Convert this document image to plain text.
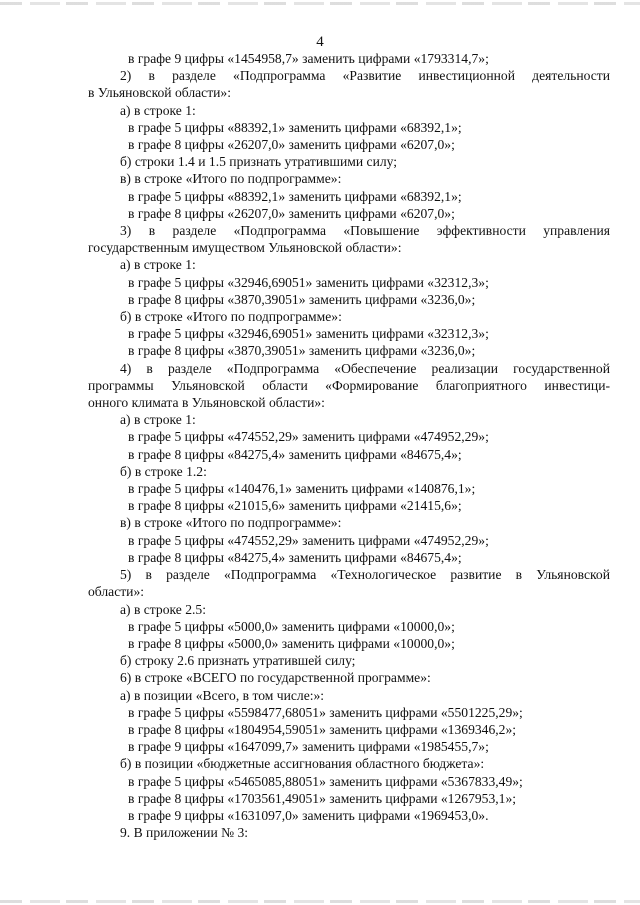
4
в графе 9 цифры «1454958,7» заменить цифрами «1793314,7»;
2) в разделе «Подпрограмма «Развитие инвестиционной деятельности
в Ульяновской области»:
а) в строке 1:
в графе 5 цифры «88392,1» заменить цифрами «68392,1»;
в графе 8 цифры «26207,0» заменить цифрами «6207,0»;
б) строки 1.4 и 1.5 признать утратившими силу;
в) в строке «Итого по подпрограмме»:
в графе 5 цифры «88392,1» заменить цифрами «68392,1»;
в графе 8 цифры «26207,0» заменить цифрами «6207,0»;
3) в разделе «Подпрограмма «Повышение эффективности управления
государственным имуществом Ульяновской области»:
а) в строке 1:
в графе 5 цифры «32946,69051» заменить цифрами «32312,3»;
в графе 8 цифры «3870,39051» заменить цифрами «3236,0»;
б) в строке «Итого по подпрограмме»:
в графе 5 цифры «32946,69051» заменить цифрами «32312,3»;
в графе 8 цифры «3870,39051» заменить цифрами «3236,0»;
4) в разделе «Подпрограмма «Обеспечение реализации государственной
программы Ульяновской области «Формирование благоприятного инвестици-
онного климата в Ульяновской области»:
а) в строке 1:
в графе 5 цифры «474552,29» заменить цифрами «474952,29»;
в графе 8 цифры «84275,4» заменить цифрами «84675,4»;
б) в строке 1.2:
в графе 5 цифры «140476,1» заменить цифрами «140876,1»;
в графе 8 цифры «21015,6» заменить цифрами «21415,6»;
в) в строке «Итого по подпрограмме»:
в графе 5 цифры «474552,29» заменить цифрами «474952,29»;
в графе 8 цифры «84275,4» заменить цифрами «84675,4»;
5) в разделе «Подпрограмма «Технологическое развитие в Ульяновской
области»:
а) в строке 2.5:
в графе 5 цифры «5000,0» заменить цифрами «10000,0»;
в графе 8 цифры «5000,0» заменить цифрами «10000,0»;
б) строку 2.6 признать утратившей силу;
6) в строке «ВСЕГО по государственной программе»:
а) в позиции «Всего, в том числе:»:
в графе 5 цифры «5598477,68051» заменить цифрами «5501225,29»;
в графе 8 цифры «1804954,59051» заменить цифрами «1369346,2»;
в графе 9 цифры «1647099,7» заменить цифрами «1985455,7»;
б) в позиции «бюджетные ассигнования областного бюджета»:
в графе 5 цифры «5465085,88051» заменить цифрами «5367833,49»;
в графе 8 цифры «1703561,49051» заменить цифрами «1267953,1»;
в графе 9 цифры «1631097,0» заменить цифрами «1969453,0».
9. В приложении № 3:
